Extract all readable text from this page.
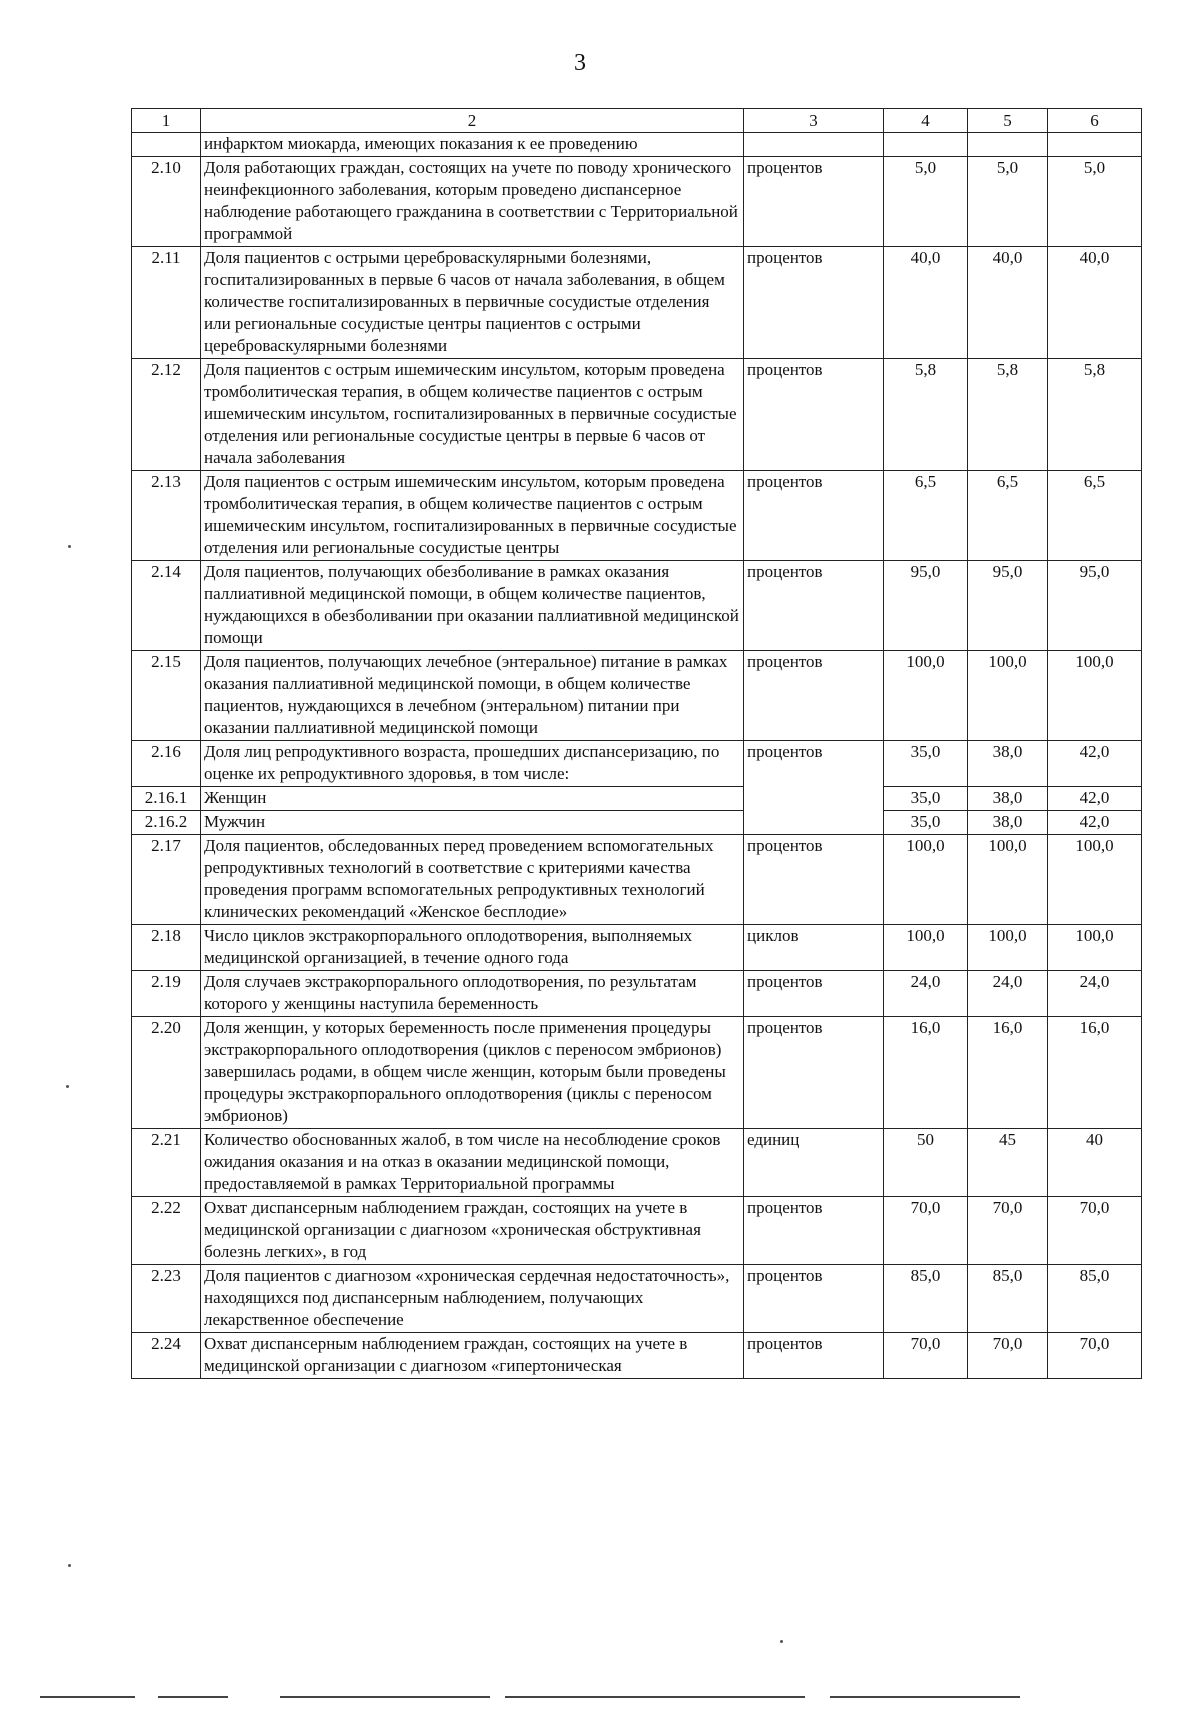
3
1	2	3	4	5	6
	инфарктом миокарда, имеющих показания к ее проведению				
2.10	Доля работающих граждан, состоящих на учете по поводу хронического неинфекционного заболевания, которым проведено диспансерное наблюдение работающего гражданина в соответствии с Территориальной программой	процентов	5,0	5,0	5,0
2.11	Доля пациентов с острыми цереброваскулярными болезнями, госпитализированных в первые 6 часов от начала заболевания, в общем количестве госпитализированных в первичные сосудистые отделения или региональные сосудистые центры пациентов с острыми цереброваскулярными болезнями	процентов	40,0	40,0	40,0
2.12	Доля пациентов с острым ишемическим инсультом, которым проведена тромболитическая терапия, в общем количестве пациентов с острым ишемическим инсультом, госпитализированных в первичные сосудистые отделения или региональные сосудистые центры в первые 6 часов от начала заболевания	процентов	5,8	5,8	5,8
2.13	Доля пациентов с острым ишемическим инсультом, которым проведена тромболитическая терапия, в общем количестве пациентов с острым ишемическим инсультом, госпитализированных в первичные сосудистые отделения или региональные сосудистые центры	процентов	6,5	6,5	6,5
2.14	Доля пациентов, получающих обезболивание в рамках оказания паллиативной медицинской помощи, в общем количестве пациентов, нуждающихся в обезболивании при оказании паллиативной медицинской помощи	процентов	95,0	95,0	95,0
2.15	Доля пациентов, получающих лечебное (энтеральное) питание в рамках оказания паллиативной медицинской помощи, в общем количестве пациентов, нуждающихся в лечебном (энтеральном) питании при оказании паллиативной медицинской помощи	процентов	100,0	100,0	100,0
2.16	Доля лиц репродуктивного возраста, прошедших диспансеризацию, по оценке их репродуктивного здоровья, в том числе:	процентов	35,0	38,0	42,0
2.16.1	Женщин		35,0	38,0	42,0
2.16.2	Мужчин		35,0	38,0	42,0
2.17	Доля пациентов, обследованных перед проведением вспомогательных репродуктивных технологий в соответствие с критериями качества проведения программ вспомогательных репродуктивных технологий клинических рекомендаций «Женское бесплодие»	процентов	100,0	100,0	100,0
2.18	Число циклов экстракорпорального оплодотворения, выполняемых медицинской организацией, в течение одного года	циклов	100,0	100,0	100,0
2.19	Доля случаев экстракорпорального оплодотворения, по результатам которого у женщины наступила беременность	процентов	24,0	24,0	24,0
2.20	Доля женщин, у которых беременность после применения процедуры экстракорпорального оплодотворения (циклов с переносом эмбрионов) завершилась родами, в общем числе женщин, которым были проведены процедуры экстракорпорального оплодотворения (циклы с переносом эмбрионов)	процентов	16,0	16,0	16,0
2.21	Количество обоснованных жалоб, в том числе на несоблюдение сроков ожидания оказания и на отказ в оказании медицинской помощи, предоставляемой в рамках Территориальной программы	единиц	50	45	40
2.22	Охват диспансерным наблюдением граждан, состоящих на учете в медицинской организации с диагнозом «хроническая обструктивная болезнь легких», в год	процентов	70,0	70,0	70,0
2.23	Доля пациентов с диагнозом «хроническая сердечная недостаточность», находящихся под диспансерным наблюдением, получающих лекарственное обеспечение	процентов	85,0	85,0	85,0
2.24	Охват диспансерным наблюдением граждан, состоящих на учете в медицинской организации с диагнозом «гипертоническая	процентов	70,0	70,0	70,0
